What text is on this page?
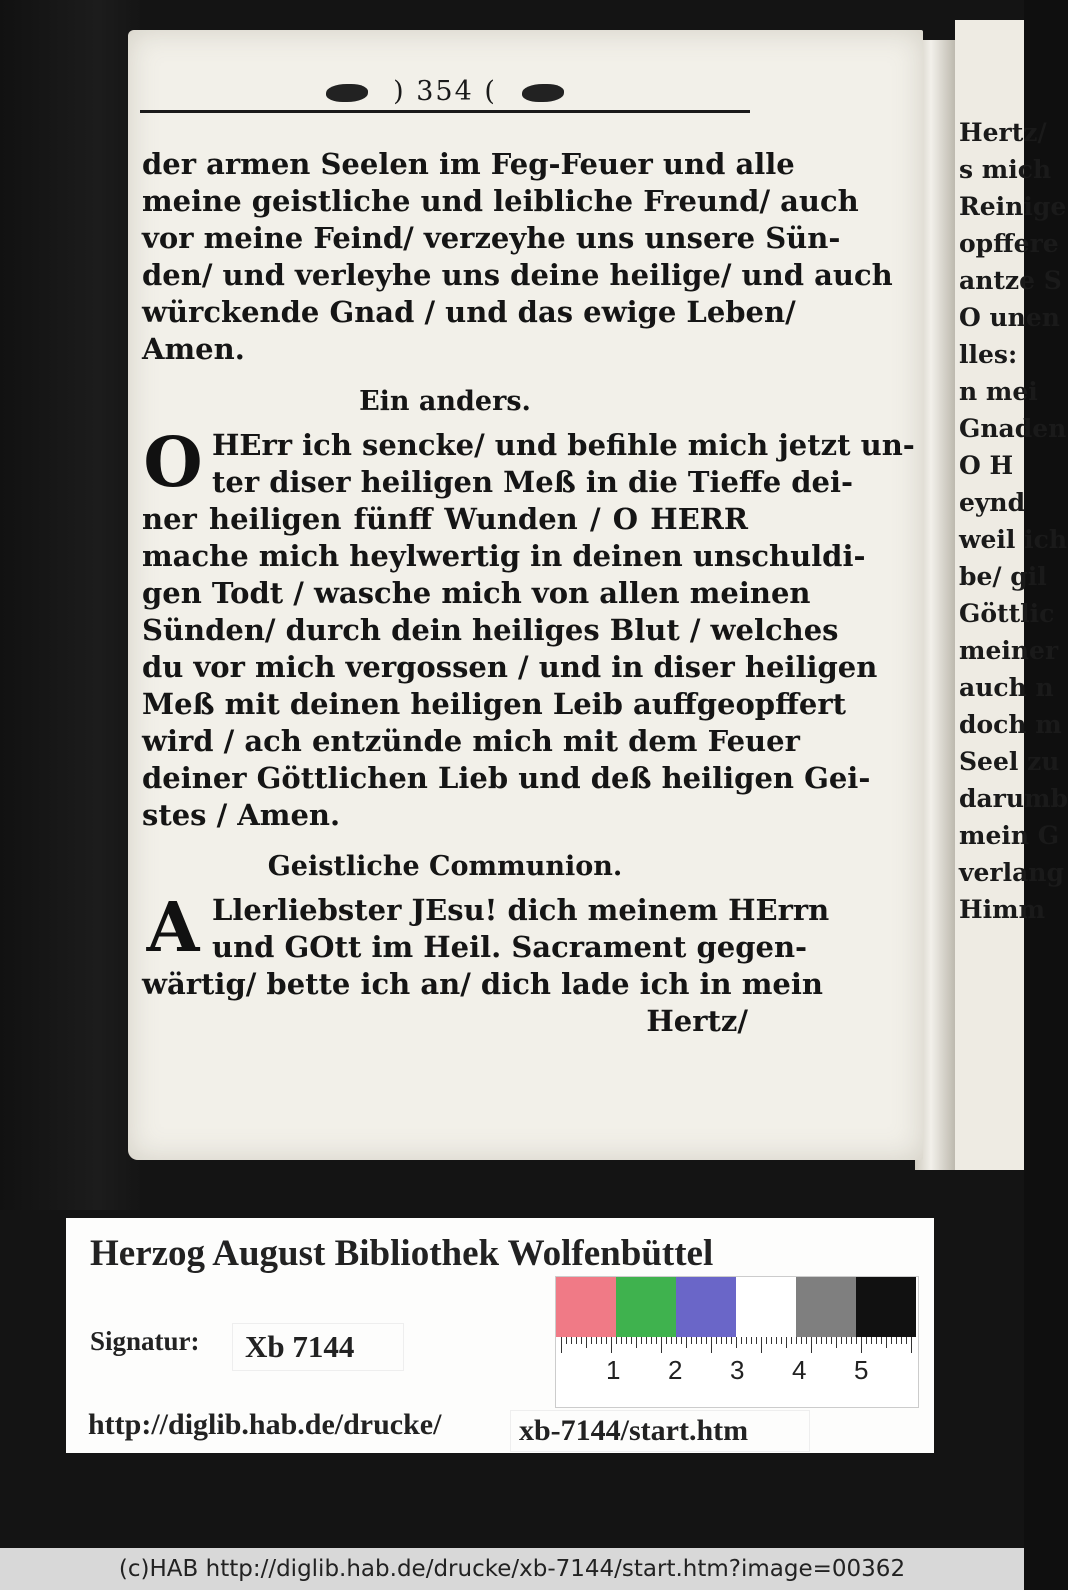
Hertz/
s mich
Reinige
opffere
antze S
O unen
lles:
n mei
Gnaden
O H
eynd
weil ich
be/ gil
Göttlic
meiner
auch n
doch m
Seel zu
darumb
mein G
verlang
Himm
) 354 (
der armen Seelen im Feg-Feuer und alle
meine geistliche und leibliche Freund/ auch
vor meine Feind/ verzeyhe uns unsere Sün-
den/ und verleyhe uns deine heilige/ und auch
würckende Gnad / und das ewige Leben/
Amen.
Ein anders.
O HErr ich sencke/ und befihle mich jetzt un-
ter diser heiligen Meß in die Tieffe dei-
ner heiligen fünff Wunden / O HERR
mache mich heylwertig in deinen unschuldi-
gen Todt / wasche mich von allen meinen
Sünden/ durch dein heiliges Blut / welches
du vor mich vergossen / und in diser heiligen
Meß mit deinen heiligen Leib auffgeopffert
wird / ach entzünde mich mit dem Feuer
deiner Göttlichen Lieb und deß heiligen Gei-
stes / Amen.
Geistliche Communion.
A Llerliebster JEsu! dich meinem HErrn
und GOtt im Heil. Sacrament gegen-
wärtig/ bette ich an/ dich lade ich in mein
Hertz/
Herzog August Bibliothek Wolfenbüttel
Signatur:	Xb 7144
http://diglib.hab.de/drucke/	xb-7144/start.htm
1 2 3 4 5
(c)HAB http://diglib.hab.de/drucke/xb-7144/start.htm?image=00362
